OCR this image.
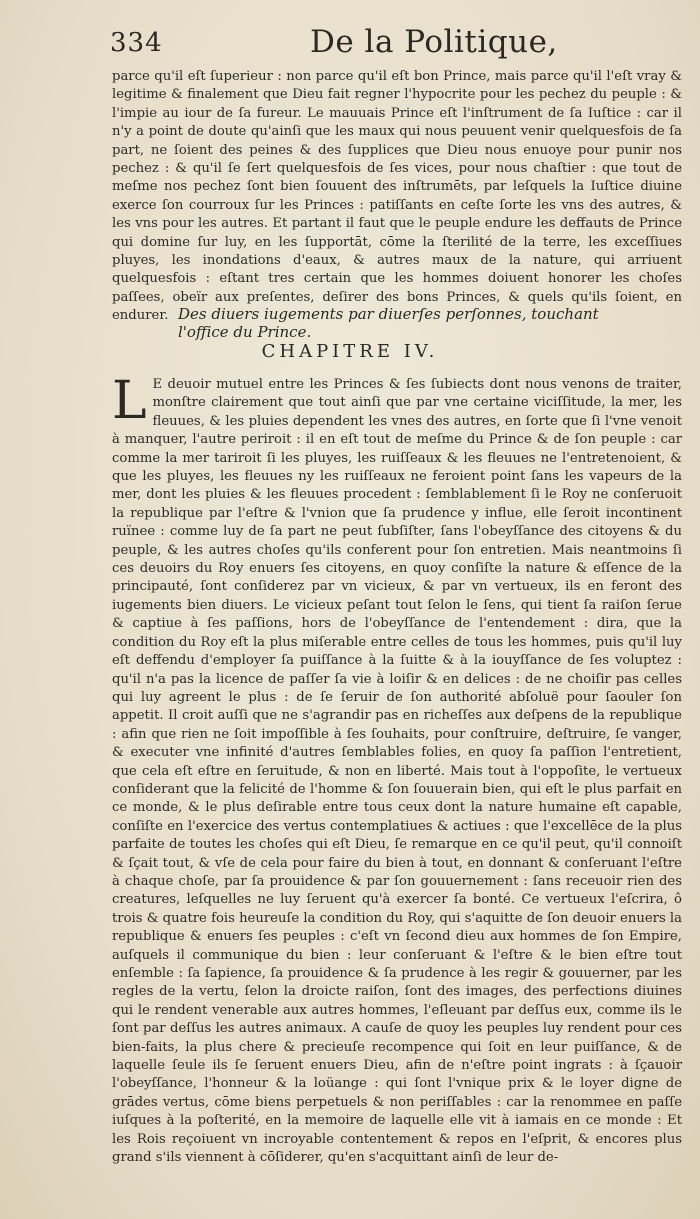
334	De la Politique,

parce qu'il eſt ſuperieur : non parce qu'il eſt bon Prince, mais parce qu'il l'eſt vray & legitime & finalement que Dieu fait regner l'hypocrite pour les pechez du peuple : & l'impie au iour de ſa fureur. Le mauuais Prince eſt l'inſtrument de ſa Iuſtice : car il n'y a point de doute qu'ainſi que les maux qui nous peuuent venir quelquesfois de ſa part, ne ſoient des peines & des ſupplices que Dieu nous enuoye pour punir nos pechez : & qu'il ſe ſert quelquesfois de ſes vices, pour nous chaſtier : que tout de meſme nos pechez ſont bien ſouuent des inſtrumēts, par leſquels la Iuſtice diuine exerce ſon courroux ſur les Princes : patiſſants en ceſte ſorte les vns des autres, & les vns pour les autres. Et partant il faut que le peuple endure les deffauts de Prince qui domine ſur luy, en les ſupportāt, cōme la ſterilité de la terre, les exceſſiues pluyes, les inondations d'eaux, & autres maux de la nature, qui arriuent quelquesfois : eſtant tres certain que les hommes doiuent honorer les choſes paſſees, obeïr aux preſentes, deſirer des bons Princes, & quels qu'ils ſoient, en endurer. Des diuers iugements par diuerſes perſonnes, touchant l'office du Prince.

CHAPITRE IV.

L E deuoir mutuel entre les Princes & ſes ſubiects dont nous venons de traiter, monſtre clairement que tout ainſi que par vne certaine viciſſitude, la mer, les fleuues, & les pluies dependent les vnes des autres, en ſorte que ſi l'vne venoit à manquer, l'autre periroit : il en eſt tout de meſme du Prince & de ſon peuple : car comme la mer tariroit ſi les pluyes, les ruiſſeaux & les fleuues ne l'entretenoient, & que les pluyes, les fleuues ny les ruiſſeaux ne feroient point ſans les vapeurs de la mer, dont les pluies & les fleuues procedent : ſemblablement ſi le Roy ne conſeruoit la republique par l'eſtre & l'vnion que ſa prudence y influe, elle ſeroit incontinent ruïnee : comme luy de ſa part ne peut ſubſiſter, ſans l'obeyſſance des citoyens & du peuple, & les autres choſes qu'ils conferent pour ſon entretien. Mais neantmoins ſi ces deuoirs du Roy enuers ſes citoyens, en quoy conſiſte la nature & eſſence de la principauté, ſont conſiderez par vn vicieux, & par vn vertueux, ils en feront des iugements bien diuers. Le vicieux peſant tout ſelon le ſens, qui tient ſa raiſon ſerue & captiue à ſes paſſions, hors de l'obeyſſance de l'entendement : dira, que la condition du Roy eſt la plus miſerable entre celles de tous les hommes, puis qu'il luy eſt deffendu d'employer ſa puiſſance à la ſuitte & à la iouyſſance de ſes voluptez : qu'il n'a pas la licence de paſſer ſa vie à loiſir & en delices : de ne choiſir pas celles qui luy agreent le plus : de ſe ſeruir de ſon authorité abſoluë pour ſaouler ſon appetit. Il croit auſſi que ne s'agrandir pas en richeſſes aux deſpens de la republique : afin que rien ne ſoit impoſſible à ſes ſouhaits, pour conſtruire, deſtruire, ſe vanger, & executer vne infinité d'autres ſemblables folies, en quoy ſa paſſion l'entretient, que cela eſt eſtre en ſeruitude, & non en liberté. Mais tout à l'oppoſite, le vertueux conſiderant que la felicité de l'homme & ſon ſouuerain bien, qui eſt le plus parfait en ce monde, & le plus deſirable entre tous ceux dont la nature humaine eſt capable, conſiſte en l'exercice des vertus contemplatiues & actiues : que l'excellēce de la plus parfaite de toutes les choſes qui eſt Dieu, ſe remarque en ce qu'il peut, qu'il connoiſt & ſçait tout, & vſe de cela pour faire du bien à tout, en donnant & conſeruant l'eſtre à chaque choſe, par ſa prouidence & par ſon gouuernement : ſans receuoir rien des creatures, leſquelles ne luy ſeruent qu'à exercer ſa bonté. Ce vertueux l'eſcrira, ô trois & quatre fois heureuſe la condition du Roy, qui s'aquitte de ſon deuoir enuers la republique & enuers ſes peuples : c'eſt vn ſecond dieu aux hommes de ſon Empire, auſquels il communique du bien : leur conſeruant & l'eſtre & le bien eſtre tout enſemble : ſa ſapience, ſa prouidence & ſa prudence à les regir & gouuerner, par les regles de la vertu, ſelon la droicte raiſon, ſont des images, des perfections diuines qui le rendent venerable aux autres hommes, l'eſleuant par deſſus eux, comme ils le ſont par deſſus les autres animaux. A cauſe de quoy les peuples luy rendent pour ces bien-faits, la plus chere & precieuſe recompence qui ſoit en leur puiſſance, & de laquelle ſeule ils ſe ſeruent enuers Dieu, afin de n'eſtre point ingrats : à ſçauoir l'obeyſſance, l'honneur & la loüange : qui ſont l'vnique prix & le loyer digne de grādes vertus, cōme biens perpetuels & non periſſables : car la renommee en paſſe iuſques à la poſterité, en la memoire de laquelle elle vit à iamais en ce monde : Et les Rois reçoiuent vn incroyable contentement & repos en l'eſprit, & encores plus grand s'ils viennent à cōſiderer, qu'en s'acquittant ainſi de leur de-
